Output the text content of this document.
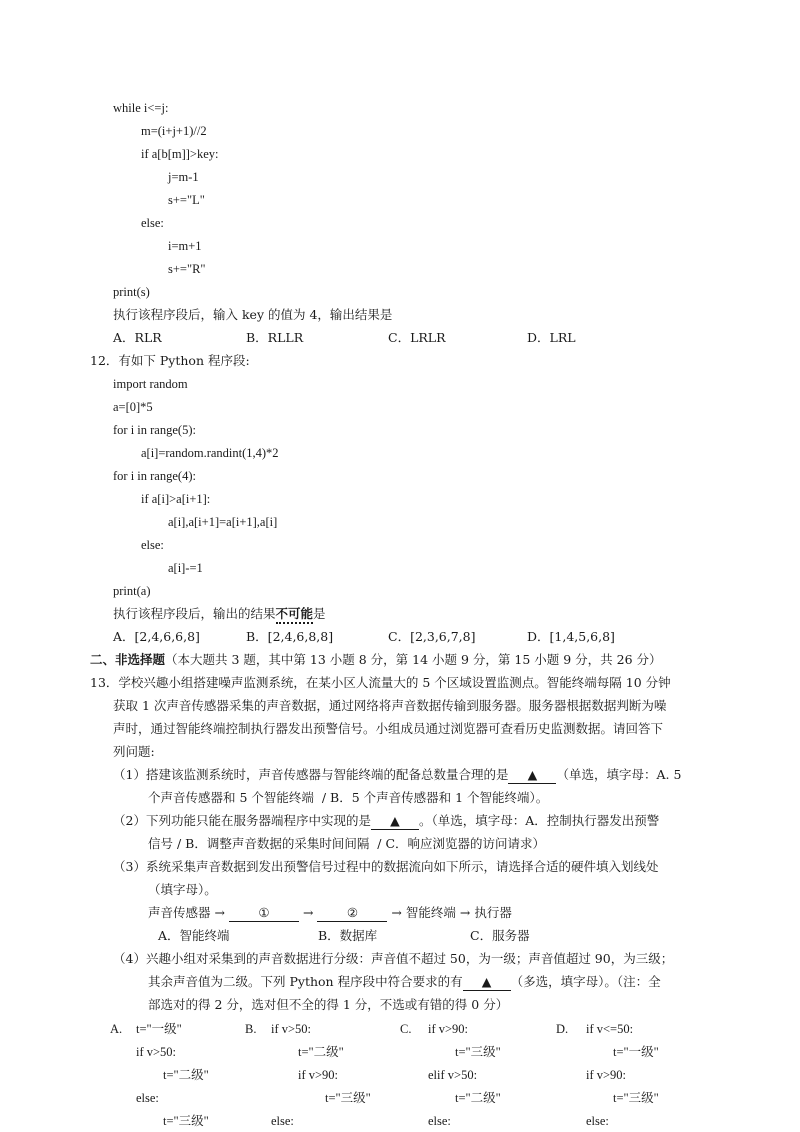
while i<=j:
m=(i+j+1)//2
if a[b[m]]>key:
j=m-1
s+="L"
else:
i=m+1
s+="R"
print(s)
执行该程序段后，输入 key 的值为 4，输出结果是
A．RLR	B．RLLR	C．LRLR	D．LRL
12．有如下 Python 程序段:
import random
a=[0]*5
for i in range(5):
a[i]=random.randint(1,4)*2
for i in range(4):
if a[i]>a[i+1]:
a[i],a[i+1]=a[i+1],a[i]
else:
a[i]-=1
print(a)
执行该程序段后，输出的结果不可能是
A．[2,4,6,6,8]	B．[2,4,6,8,8]	C．[2,3,6,7,8]	D．[1,4,5,6,8]
二、非选择题（本大题共 3 题，其中第 13 小题 8 分，第 14 小题 9 分，第 15 小题 9 分，共 26 分）
13．学校兴趣小组搭建噪声监测系统，在某小区人流量大的 5 个区域设置监测点。智能终端每隔 10 分钟
获取 1 次声音传感器采集的声音数据，通过网络将声音数据传输到服务器。服务器根据数据判断为噪
声时，通过智能终端控制执行器发出预警信号。小组成员通过浏览器可查看历史监测数据。请回答下
列问题:
（1）搭建该监测系统时，声音传感器与智能终端的配备总数量合理的是 ▲ （单选，填字母：A. 5
个声音传感器和 5 个智能终端  / B．5 个声音传感器和 1 个智能终端）。
（2）下列功能只能在服务器端程序中实现的是 ▲ 。（单选，填字母：A．控制执行器发出预警
信号 / B．调整声音数据的采集时间间隔  / C．响应浏览器的访问请求）
（3）系统采集声音数据到发出预警信号过程中的数据流向如下所示，请选择合适的硬件填入划线处
（填字母）。
声音传感器 →	①	→	②	→ 智能终端 → 执行器
A．智能终端	B．数据库	C．服务器
（4）兴趣小组对采集到的声音数据进行分级：声音值不超过 50，为一级；声音值超过 90，为三级；
其余声音值为二级。下列 Python 程序段中符合要求的有 ▲ （多选，填字母）。（注：全
部选对的得 2 分，选对但不全的得 1 分，不选或有错的得 0 分）
A. t="一级"
if v>50:
t="二级"
else:
t="三级"
B. if v>50:
t="二级"
if v>90:
t="三级"
else:
C. if v>90:
t="三级"
elif v>50:
t="二级"
else:
D. if v<=50:
t="一级"
if v>90:
t="三级"
else:
